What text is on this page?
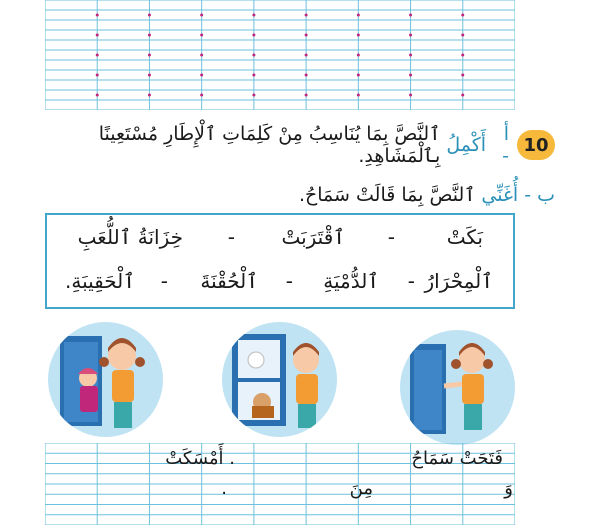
10
أ -
أَكْمِلُ
ٱلنَّصَّ بِمَا يُنَاسِبُ مِنْ كَلِمَاتِ ٱلْإِطَارِ مُسْتَعِينًا بِٱلْمَشَاهِدِ.
ب -
أُغَنِّي
ٱلنَّصَّ بِمَا قَالَتْ سَمَاحُ.
بَكَتْ
-
ٱقْتَرَبَتْ
-
خِزَانَةُ ٱللُّعَبِ
ٱلْمِحْرَارُ
-
ٱلدُّمْيَةِ
-
ٱلْحُقْنَةَ
-
ٱلْحَقِيبَةِ.
فَتَحَتْ سَمَاحُ
. أَمْسَكَتْ
وَ
مِنَ
.
